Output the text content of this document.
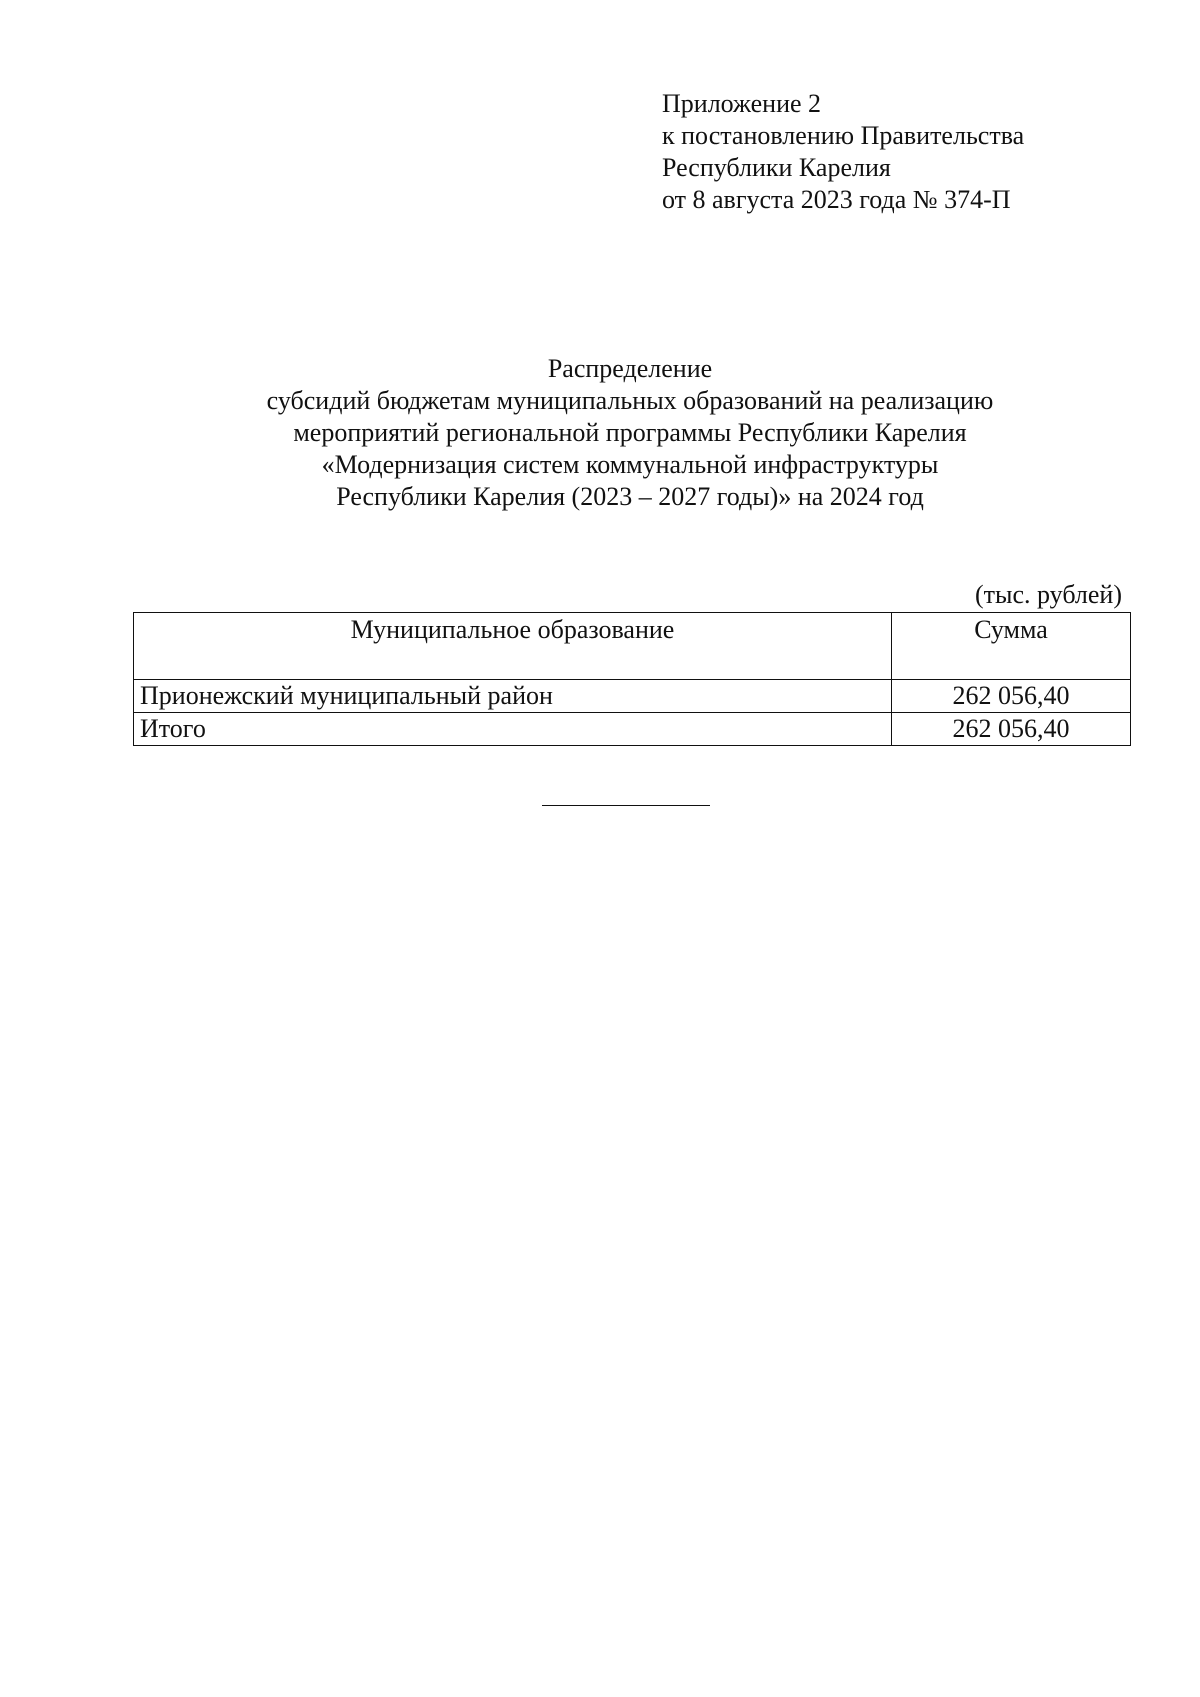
Приложение 2
к постановлению Правительства
Республики Карелия
от 8 августа 2023 года № 374-П
Распределение
субсидий бюджетам муниципальных образований на реализацию
мероприятий региональной программы Республики Карелия
«Модернизация систем коммунальной инфраструктуры
Республики Карелия (2023 – 2027 годы)» на 2024 год
(тыс. рублей)
Муниципальное образование	Сумма
Прионежский муниципальный район	262 056,40
Итого	262 056,40
